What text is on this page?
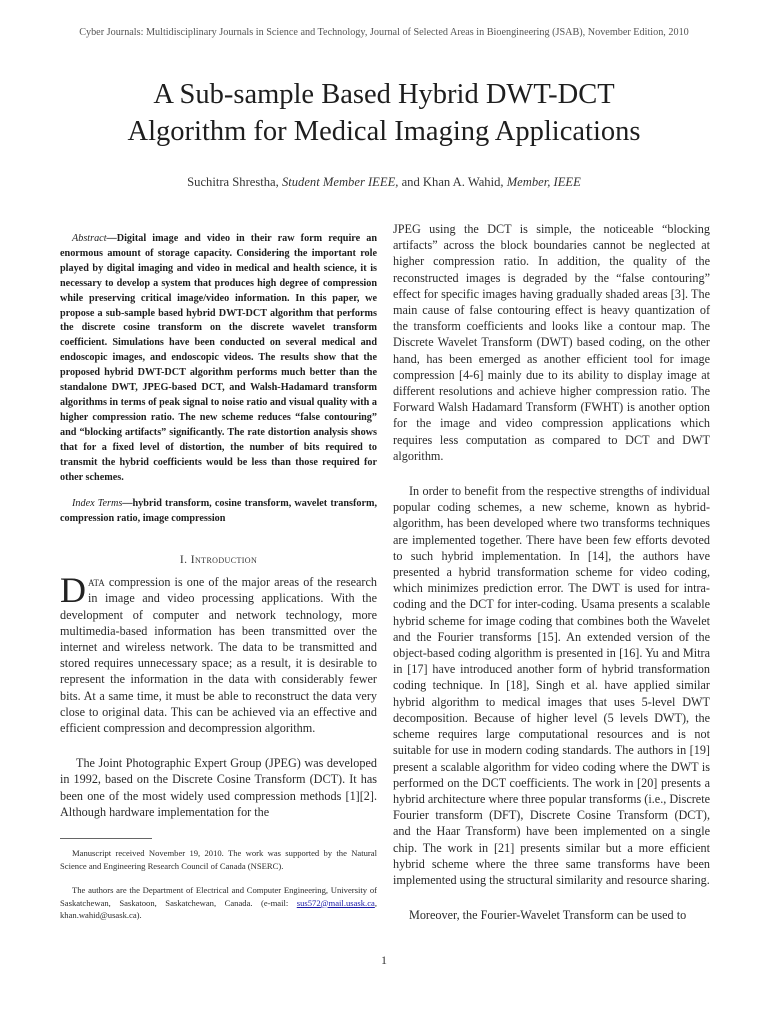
Cyber Journals: Multidisciplinary Journals in Science and Technology, Journal of Selected Areas in Bioengineering (JSAB), November Edition, 2010
A Sub-sample Based Hybrid DWT-DCT
Algorithm for Medical Imaging Applications
Suchitra Shrestha, Student Member IEEE, and Khan A. Wahid, Member, IEEE

Abstract—Digital image and video in their raw form require an enormous amount of storage capacity. Considering the important role played by digital imaging and video in medical and health science, it is necessary to develop a system that produces high degree of compression while preserving critical image/video information. In this paper, we propose a sub-sample based hybrid DWT-DCT algorithm that performs the discrete cosine transform on the discrete wavelet transform coefficient. Simulations have been conducted on several medical and endoscopic images, and endoscopic videos. The results show that the proposed hybrid DWT-DCT algorithm performs much better than the standalone DWT, JPEG-based DCT, and Walsh-Hadamard transform algorithms in terms of peak signal to noise ratio and visual quality with a higher compression ratio. The new scheme reduces “false contouring” and “blocking artifacts” significantly. The rate distortion analysis shows that for a fixed level of distortion, the number of bits required to transmit the hybrid coefficients would be less than those required for other schemes.

Index Terms—hybrid transform, cosine transform, wavelet transform, compression ratio, image compression

I. Introduction

Data compression is one of the major areas of the research in image and video processing applications. With the development of computer and network technology, more multimedia-based information has been transmitted over the internet and wireless network. The data to be transmitted and stored requires unnecessary space; as a result, it is desirable to represent the information in the data with considerably fewer bits. At a same time, it must be able to reconstruct the data very close to original data. This can be achieved via an effective and efficient compression and decompression algorithm.

The Joint Photographic Expert Group (JPEG) was developed in 1992, based on the Discrete Cosine Transform (DCT). It has been one of the most widely used compression methods [1][2]. Although hardware implementation for the

Manuscript received November 19, 2010. The work was supported by the Natural Science and Engineering Research Council of Canada (NSERC).

The authors are the Department of Electrical and Computer Engineering, University of Saskatchewan, Saskatoon, Saskatchewan, Canada. (e-mail: sus572@mail.usask.ca, khan.wahid@usask.ca).

JPEG using the DCT is simple, the noticeable “blocking artifacts” across the block boundaries cannot be neglected at higher compression ratio. In addition, the quality of the reconstructed images is degraded by the “false contouring” effect for specific images having gradually shaded areas [3]. The main cause of false contouring effect is heavy quantization of the transform coefficients and looks like a contour map. The Discrete Wavelet Transform (DWT) based coding, on the other hand, has been emerged as another efficient tool for image compression [4-6] mainly due to its ability to display image at different resolutions and achieve higher compression ratio. The Forward Walsh Hadamard Transform (FWHT) is another option for the image and video compression applications which requires less computation as compared to DCT and DWT algorithm.

In order to benefit from the respective strengths of individual popular coding schemes, a new scheme, known as hybrid-algorithm, has been developed where two transforms techniques are implemented together. There have been few efforts devoted to such hybrid implementation. In [14], the authors have presented a hybrid transformation scheme for video coding, which minimizes prediction error. The DWT is used for intra-coding and the DCT for inter-coding. Usama presents a scalable hybrid scheme for image coding that combines both the Wavelet and the Fourier transforms [15]. An extended version of the object-based coding algorithm is presented in [16]. Yu and Mitra in [17] have introduced another form of hybrid transformation coding technique. In [18], Singh et al. have applied similar hybrid algorithm to medical images that uses 5-level DWT decomposition. Because of higher level (5 levels DWT), the scheme requires large computational resources and is not suitable for use in modern coding standards. The authors in [19] present a scalable algorithm for video coding where the DWT is performed on the DCT coefficients. The work in [20] presents a hybrid architecture where three popular transforms (i.e., Discrete Fourier transform (DFT), Discrete Cosine Transform (DCT), and the Haar Transform) have been implemented on a single chip. The work in [21] presents similar but a more efficient hybrid scheme where the three same transforms have been implemented using the structural similarity and resource sharing.

Moreover, the Fourier-Wavelet Transform can be used to

1
